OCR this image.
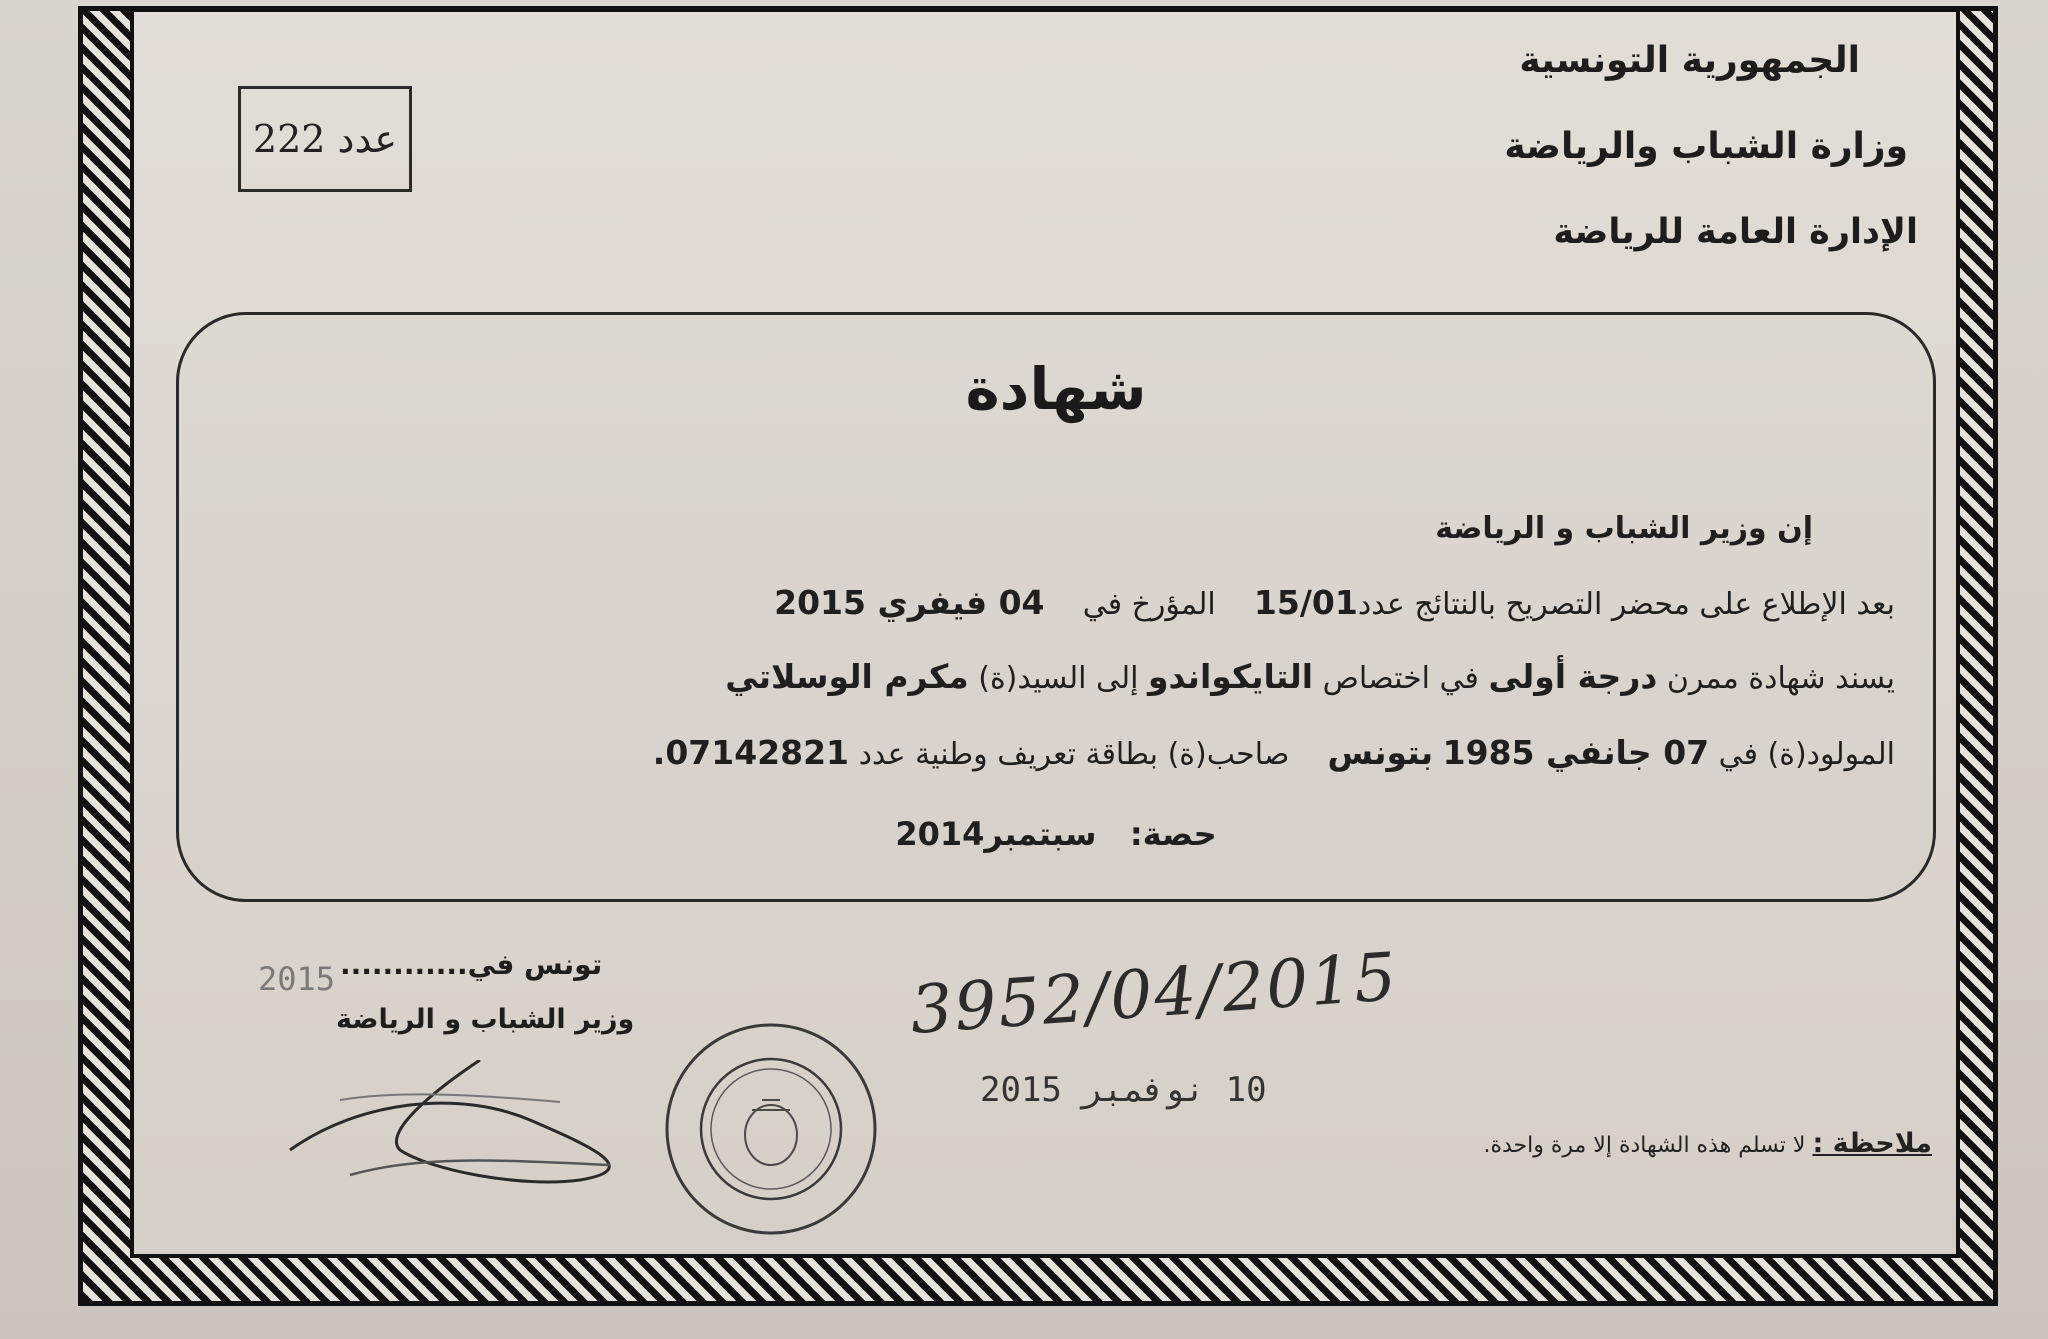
الجمهورية التونسية
وزارة الشباب والرياضة
الإدارة العامة للرياضة
عدد

222
شهادة
إن وزير الشباب و الرياضة
بعد الإطلاع على محضر التصريح بالنتائج عدد15/01    المؤرخ في    04 فيفري 2015
يسند شهادة ممرن درجة أولى في اختصاص التايكواندو إلى السيد(ة) مكرم الوسلاتي
المولود(ة) في 07 جانفي 1985 بتونس    صاحب(ة) بطاقة تعريف وطنية عدد 07142821.
حصة:   سبتمبر2014
2015 تونس في............
وزير الشباب و الرياضة	3952/04/2015
10 نوفمبر 2015
ملاحظة : لا تسلم هذه الشهادة إلا مرة واحدة.
